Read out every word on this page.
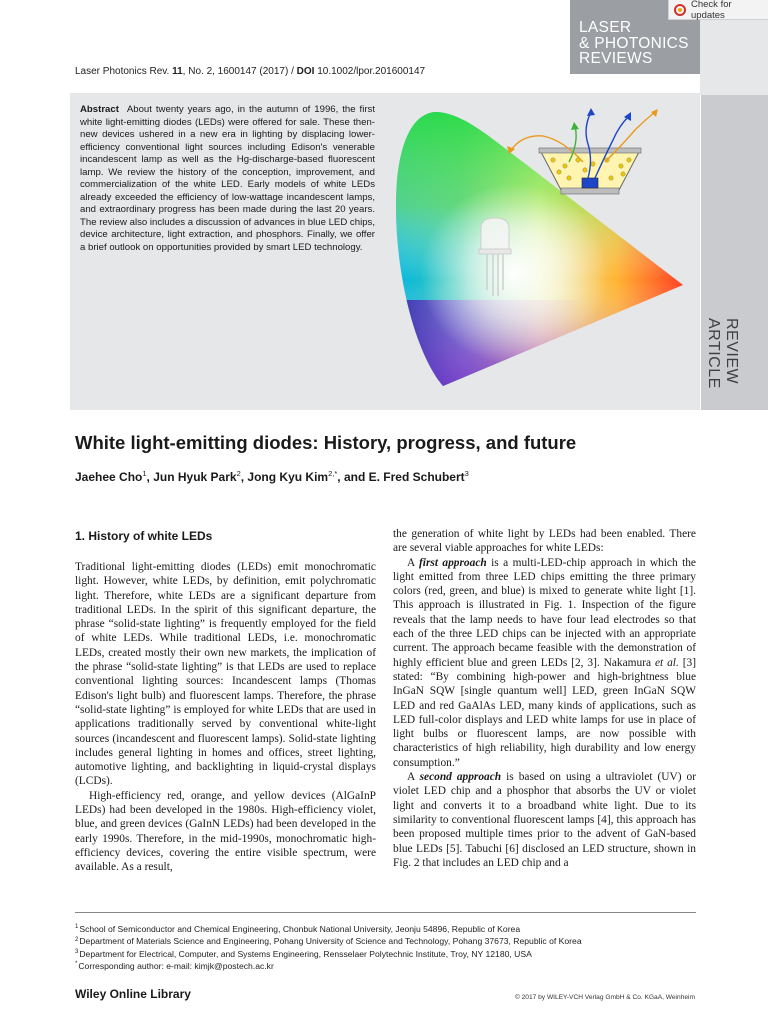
LASER
& PHOTONICS
REVIEWS
REVIEW
ARTICLE
Check for updates
Laser Photonics Rev. 11, No. 2, 1600147 (2017) / DOI 10.1002/lpor.201600147
Abstract About twenty years ago, in the autumn of 1996, the first white light-emitting diodes (LEDs) were offered for sale. These then-new devices ushered in a new era in lighting by displacing lower-efficiency conventional light sources including Edison's venerable incandescent lamp as well as the Hg-discharge-based fluorescent lamp. We review the history of the conception, improvement, and commercialization of the white LED. Early models of white LEDs already exceeded the efficiency of low-wattage incandescent lamps, and extraordinary progress has been made during the last 20 years. The review also includes a discussion of advances in blue LED chips, device architecture, light extraction, and phosphors. Finally, we offer a brief outlook on opportunities provided by smart LED technology.
White light-emitting diodes: History, progress, and future
Jaehee Cho$^1$, Jun Hyuk Park$^2$, Jong Kyu Kim$^{2,*}$, and E. Fred Schubert$^3$
1. History of white LEDs

Traditional light-emitting diodes (LEDs) emit monochromatic light. However, white LEDs, by definition, emit polychromatic light. Therefore, white LEDs are a significant departure from traditional LEDs. In the spirit of this significant departure, the phrase “solid-state lighting” is frequently employed for the field of white LEDs. While traditional LEDs, i.e. monochromatic LEDs, created mostly their own new markets, the implication of the phrase “solid-state lighting” is that LEDs are used to replace conventional lighting sources: Incandescent lamps (Thomas Edison's light bulb) and fluorescent lamps. Therefore, the phrase “solid-state lighting” is employed for white LEDs that are used in applications traditionally served by conventional white-light sources (incandescent and fluorescent lamps). Solid-state lighting includes general lighting in homes and offices, street lighting, automotive lighting, and backlighting in liquid-crystal displays (LCDs).

High-efficiency red, orange, and yellow devices (AlGaInP LEDs) had been developed in the 1980s. High-efficiency violet, blue, and green devices (GaInN LEDs) had been developed in the early 1990s. Therefore, in the mid-1990s, monochromatic high-efficiency devices, covering the entire visible spectrum, were available. As a result,

the generation of white light by LEDs had been enabled. There are several viable approaches for white LEDs:

A first approach is a multi-LED-chip approach in which the light emitted from three LED chips emitting the three primary colors (red, green, and blue) is mixed to generate white light [1]. This approach is illustrated in Fig. 1. Inspection of the figure reveals that the lamp needs to have four lead electrodes so that each of the three LED chips can be injected with an appropriate current. The approach became feasible with the demonstration of highly efficient blue and green LEDs [2, 3]. Nakamura et al. [3] stated: “By combining high-power and high-brightness blue InGaN SQW [single quantum well] LED, green InGaN SQW LED and red GaAlAs LED, many kinds of applications, such as LED full-color displays and LED white lamps for use in place of light bulbs or fluorescent lamps, are now possible with characteristics of high reliability, high durability and low energy consumption.”

A second approach is based on using a ultraviolet (UV) or violet LED chip and a phosphor that absorbs the UV or violet light and converts it to a broadband white light. Due to its similarity to conventional fluorescent lamps [4], this approach has been proposed multiple times prior to the advent of GaN-based blue LEDs [5]. Tabuchi [6] disclosed an LED structure, shown in Fig. 2 that includes an LED chip and a

$^1$School of Semiconductor and Chemical Engineering, Chonbuk National University, Jeonju 54896, Republic of Korea
$^2$Department of Materials Science and Engineering, Pohang University of Science and Technology, Pohang 37673, Republic of Korea
$^3$Department for Electrical, Computer, and Systems Engineering, Rensselaer Polytechnic Institute, Troy, NY 12180, USA
*Corresponding author: e-mail: kimjk@postech.ac.kr
Wiley Online Library	© 2017 by WILEY-VCH Verlag GmbH & Co. KGaA, Weinheim
